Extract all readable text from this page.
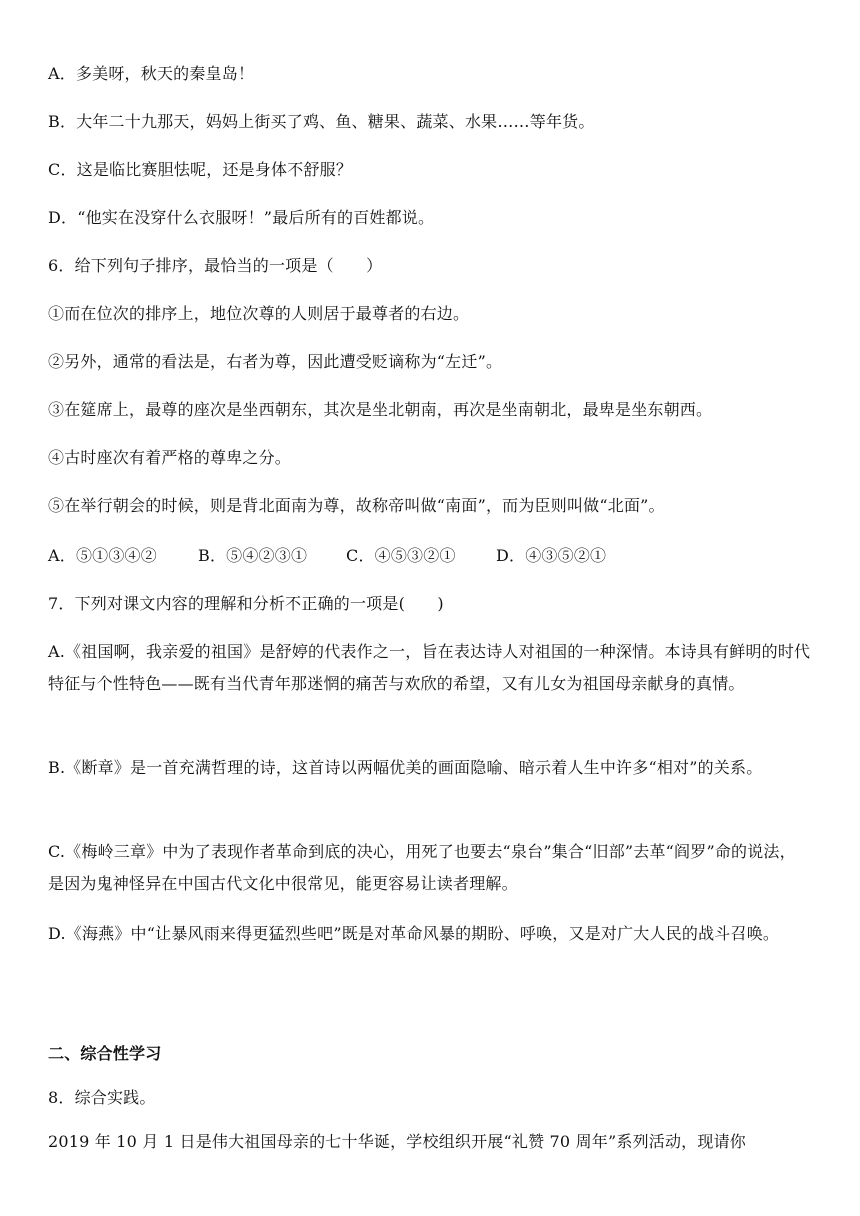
A．多美呀，秋天的秦皇岛！
B．大年二十九那天，妈妈上街买了鸡、鱼、糖果、蔬菜、水果……等年货。
C．这是临比赛胆怯呢，还是身体不舒服？
D．“他实在没穿什么衣服呀！”最后所有的百姓都说。
6．给下列句子排序，最恰当的一项是（　　）
①而在位次的排序上，地位次尊的人则居于最尊者的右边。
②另外，通常的看法是，右者为尊，因此遭受贬谪称为“左迁”。
③在筵席上，最尊的座次是坐西朝东，其次是坐北朝南，再次是坐南朝北，最卑是坐东朝西。
④古时座次有着严格的尊卑之分。
⑤在举行朝会的时候，则是背北面南为尊，故称帝叫做“南面”，而为臣则叫做“北面”。
A．⑤①③④②	B．⑤④②③① C．④⑤③②①	D．④③⑤②①
7．下列对课文内容的理解和分析不正确的一项是(　　)
A.《祖国啊，我亲爱的祖国》是舒婷的代表作之一，旨在表达诗人对祖国的一种深情。本诗具有鲜明的时代特征与个性特色——既有当代青年那迷惘的痛苦与欢欣的希望，又有儿女为祖国母亲献身的真情。
B.《断章》是一首充满哲理的诗，这首诗以两幅优美的画面隐喻、暗示着人生中许多“相对”的关系。
C.《梅岭三章》中为了表现作者革命到底的决心，用死了也要去“泉台”集合“旧部”去革“阎罗”命的说法，是因为鬼神怪异在中国古代文化中很常见，能更容易让读者理解。
D.《海燕》中“让暴风雨来得更猛烈些吧”既是对革命风暴的期盼、呼唤，又是对广大人民的战斗召唤。
二、综合性学习
8．综合实践。
2019 年 10 月 1 日是伟大祖国母亲的七十华诞，学校组织开展“礼赞 70 周年”系列活动，现请你
